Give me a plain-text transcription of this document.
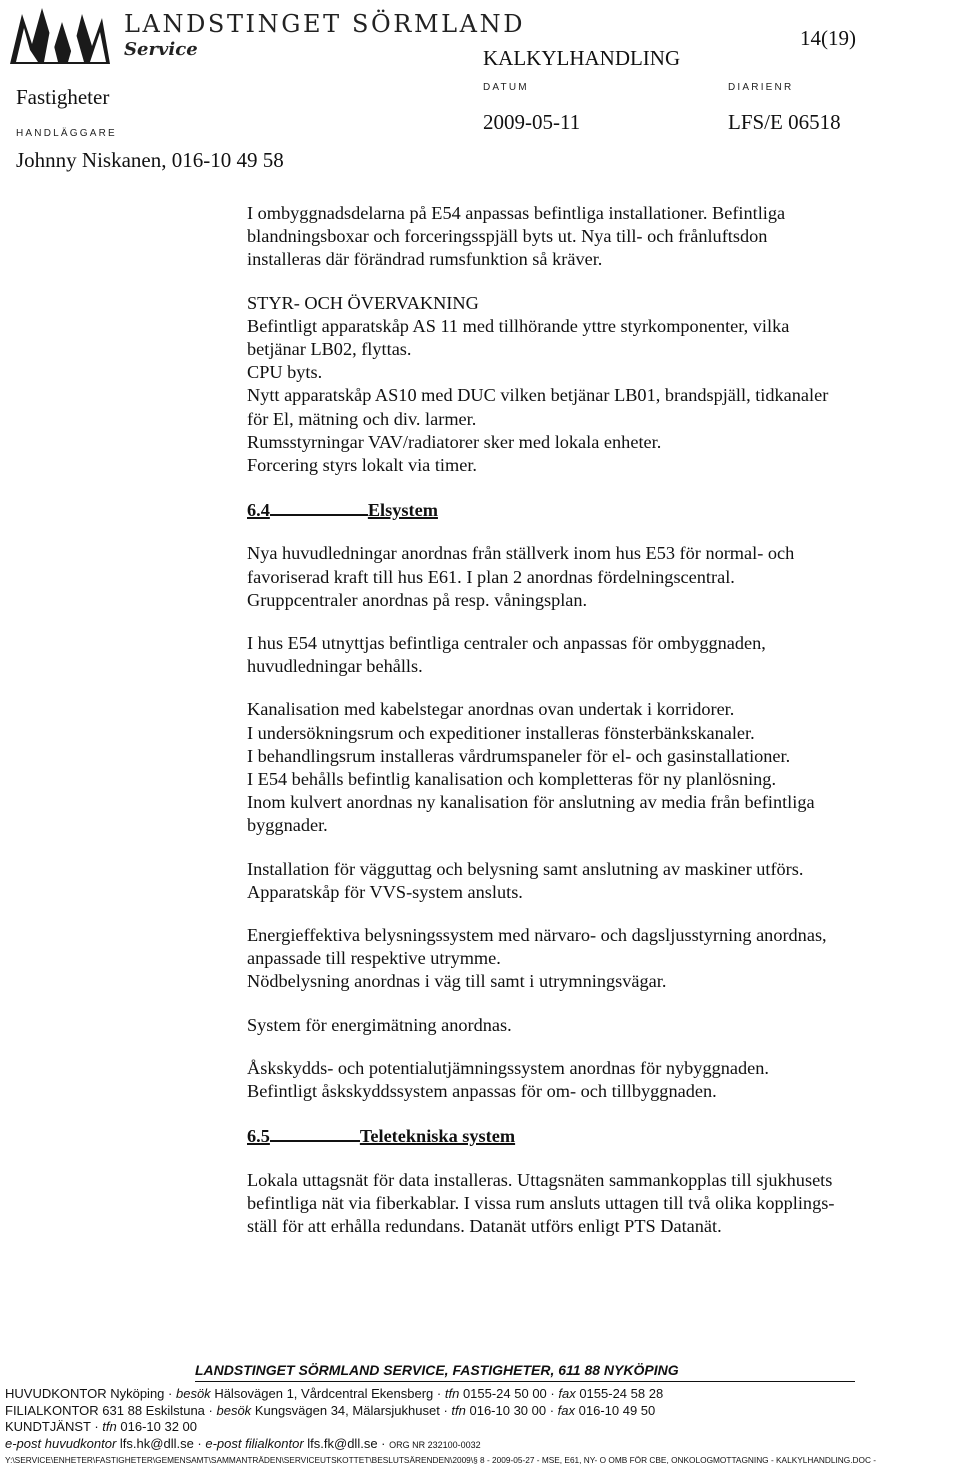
LANDSTINGET SÖRMLAND
Service	14(19)
KALKYLHANDLING
Fastigheter	DATUM	DIARIENR
2009-05-11	LFS/E 06518
HANDLÄGGARE
Johnny Niskanen, 016-10 49 58

I ombyggnadsdelarna på E54 anpassas befintliga installationer. Befintliga
blandningsboxar och forceringsspjäll byts ut. Nya till- och frånluftsdon
installeras där förändrad rumsfunktion så kräver.

STYR- OCH ÖVERVAKNING
Befintligt apparatskåp AS 11 med tillhörande yttre styrkomponenter, vilka
betjänar LB02, flyttas.
CPU byts.
Nytt apparatskåp AS10 med DUC vilken betjänar LB01, brandspjäll, tidkanaler
för El, mätning och div. larmer.
Rumsstyrningar VAV/radiatorer sker med lokala enheter.
Forcering styrs lokalt via timer.

6.4	Elsystem

Nya huvudledningar anordnas från ställverk inom hus E53 för normal- och
favoriserad kraft till hus E61. I plan 2 anordnas fördelningscentral.
Gruppcentraler anordnas på resp. våningsplan.

I hus E54 utnyttjas befintliga centraler och anpassas för ombyggnaden,
huvudledningar behålls.

Kanalisation med kabelstegar anordnas ovan undertak i korridorer.
I undersökningsrum och expeditioner installeras fönsterbänkskanaler.
I behandlingsrum installeras vårdrumspaneler för el- och gasinstallationer.
I E54 behålls befintlig kanalisation och kompletteras för ny planlösning.
Inom kulvert anordnas ny kanalisation för anslutning av media från befintliga
byggnader.

Installation för vägguttag och belysning samt anslutning av maskiner utförs.
Apparatskåp för VVS-system ansluts.

Energieffektiva belysningssystem med närvaro- och dagsljusstyrning anordnas,
anpassade till respektive utrymme.
Nödbelysning anordnas i väg till samt i utrymningsvägar.

System för energimätning anordnas.

Åskskydds- och potentialutjämningssystem anordnas för nybyggnaden.
Befintligt åskskyddssystem anpassas för om- och tillbyggnaden.

6.5	Teletekniska system

Lokala uttagsnät för data installeras. Uttagsnäten sammankopplas till sjukhusets
befintliga nät via fiberkablar. I vissa rum ansluts uttagen till två olika kopplings-
ställ för att erhålla redundans. Datanät utförs enligt PTS Datanät.

LANDSTINGET SÖRMLAND SERVICE, FASTIGHETER, 611 88 NYKÖPING
HUVUDKONTOR Nyköping · besök Hälsovägen 1, Vårdcentral Ekensberg · tfn 0155-24 50 00 · fax 0155-24 58 28
FILIALKONTOR 631 88 Eskilstuna · besök Kungsvägen 34, Mälarsjukhuset · tfn 016-10 30 00 · fax 016-10 49 50
KUNDTJÄNST · tfn 016-10 32 00
e-post huvudkontor lfs.hk@dll.se · e-post filialkontor lfs.fk@dll.se · ORG NR 232100-0032
Y:\SERVICE\ENHETER\FASTIGHETER\GEMENSAMT\SAMMANTRÄDEN\SERVICEUTSKOTTET\BESLUTSÄRENDEN\2009\§ 8 - 2009-05-27 - MSE, E61, NY- O OMB FÖR CBE, ONKOLOGMOTTAGNING - KALKYLHANDLING.DOC -
